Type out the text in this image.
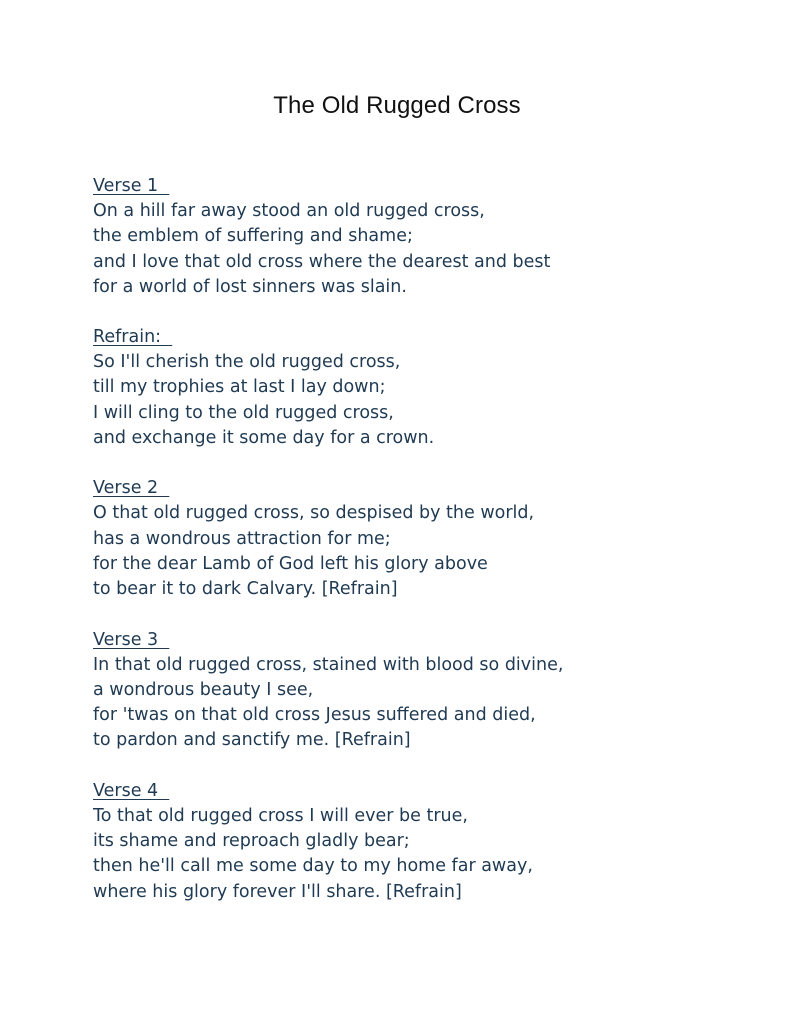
The Old Rugged Cross
Verse 1
On a hill far away stood an old rugged cross,
the emblem of suffering and shame;
and I love that old cross where the dearest and best
for a world of lost sinners was slain.
Refrain:
So I'll cherish the old rugged cross,
till my trophies at last I lay down;
I will cling to the old rugged cross,
and exchange it some day for a crown.
Verse 2
O that old rugged cross, so despised by the world,
has a wondrous attraction for me;
for the dear Lamb of God left his glory above
to bear it to dark Calvary. [Refrain]
Verse 3
In that old rugged cross, stained with blood so divine,
a wondrous beauty I see,
for 'twas on that old cross Jesus suffered and died,
to pardon and sanctify me. [Refrain]
Verse 4
To that old rugged cross I will ever be true,
its shame and reproach gladly bear;
then he'll call me some day to my home far away,
where his glory forever I'll share. [Refrain]
